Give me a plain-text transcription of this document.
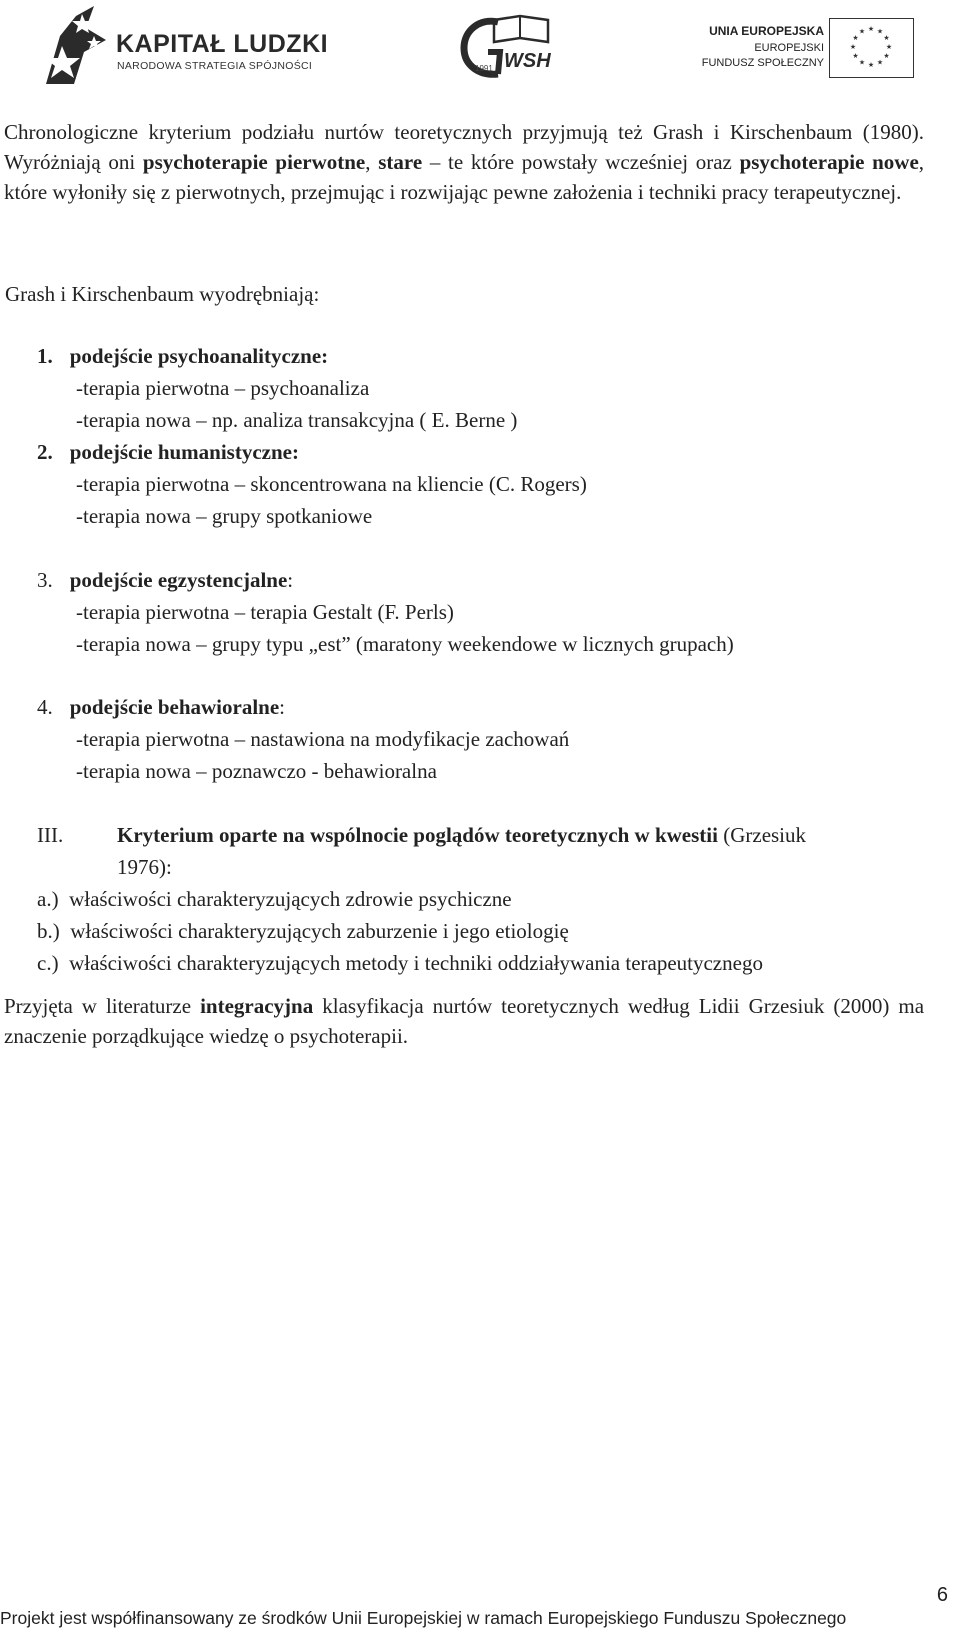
KAPITAŁ LUDZKI
NARODOWA STRATEGIA SPÓJNOŚCI	1991 WSH
UNIA EUROPEJSKA
EUROPEJSKI
FUNDUSZ SPOŁECZNY
★ ★
★
★
★
★
★
★
★
★
★
★

Chronologiczne kryterium podziału nurtów teoretycznych przyjmują też Grash i Kirschenbaum (1980). Wyróżniają oni psychoterapie pierwotne, stare – te które powstały wcześniej oraz psychoterapie nowe, które wyłoniły się z pierwotnych, przejmując i rozwijając pewne założenia i techniki pracy terapeutycznej.

Grash i Kirschenbaum wyodrębniają:

1. podejście psychoanalityczne:

-terapia pierwotna – psychoanaliza

-terapia nowa – np. analiza transakcyjna ( E. Berne )

2. podejście humanistyczne:

-terapia pierwotna – skoncentrowana na kliencie (C. Rogers)

-terapia nowa – grupy spotkaniowe

3. podejście egzystencjalne:

-terapia pierwotna – terapia Gestalt (F. Perls)

-terapia nowa – grupy typu „est” (maratony weekendowe w licznych grupach)

4. podejście behawioralne:

-terapia pierwotna – nastawiona na modyfikacje zachowań

-terapia nowa – poznawczo - behawioralna

III.	Kryterium oparte na wspólnocie poglądów teoretycznych w kwestii (Grzesiuk

1976):

a.) właściwości charakteryzujących zdrowie psychiczne

b.) właściwości charakteryzujących zaburzenie i jego etiologię

c.) właściwości charakteryzujących metody i techniki oddziaływania terapeutycznego

Przyjęta w literaturze integracyjna klasyfikacja nurtów teoretycznych według Lidii Grzesiuk (2000) ma znaczenie porządkujące wiedzę o psychoterapii.

6
Projekt jest współfinansowany ze środków Unii Europejskiej w ramach Europejskiego Funduszu Społecznego
